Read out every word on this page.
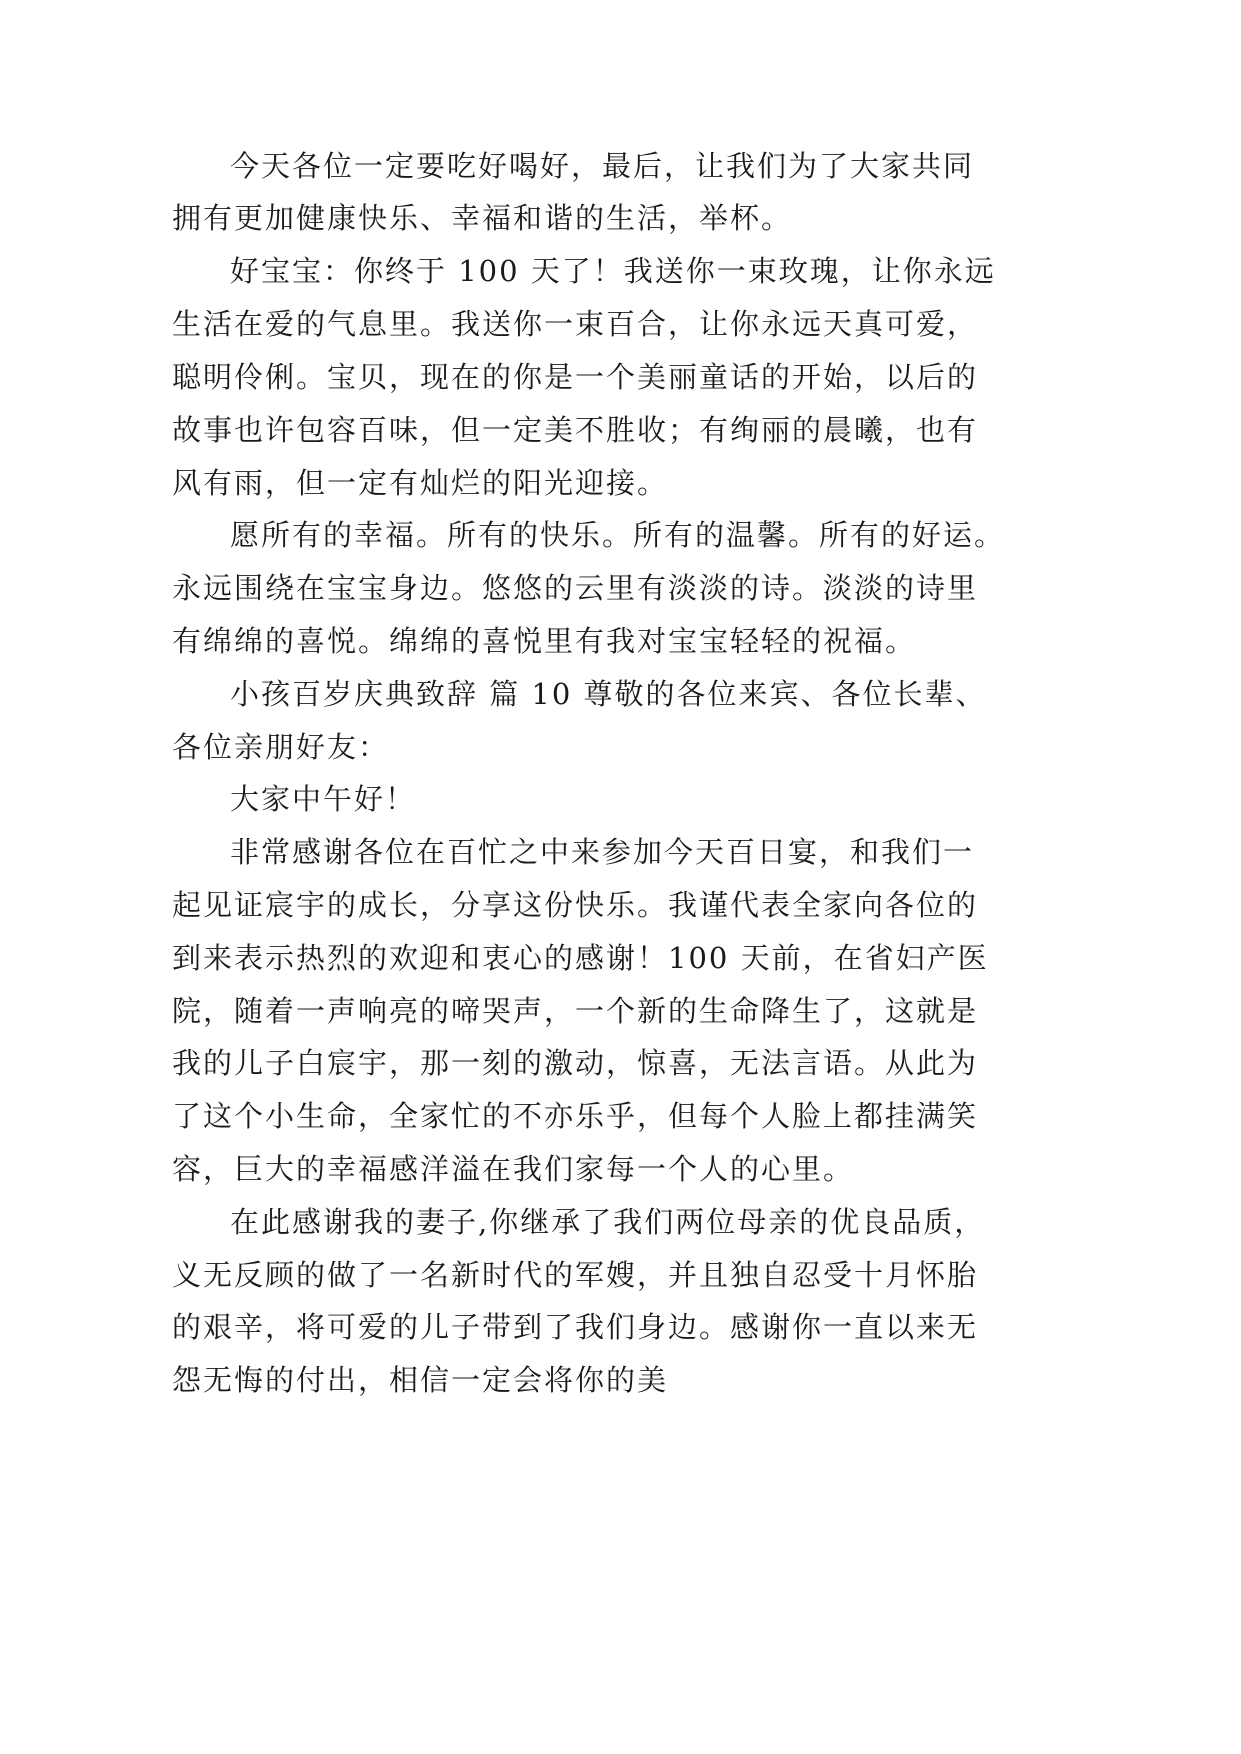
今天各位一定要吃好喝好，最后，让我们为了大家共同
拥有更加健康快乐、幸福和谐的生活，举杯。
好宝宝：你终于 100 天了！我送你一束玫瑰，让你永远
生活在爱的气息里。我送你一束百合，让你永远天真可爱，
聪明伶俐。宝贝，现在的你是一个美丽童话的开始，以后的
故事也许包容百味，但一定美不胜收；有绚丽的晨曦，也有
风有雨，但一定有灿烂的阳光迎接。
愿所有的幸福。所有的快乐。所有的温馨。所有的好运。
永远围绕在宝宝身边。悠悠的云里有淡淡的诗。淡淡的诗里
有绵绵的喜悦。绵绵的喜悦里有我对宝宝轻轻的祝福。
小孩百岁庆典致辞 篇 10 尊敬的各位来宾、各位长辈、
各位亲朋好友：
大家中午好！
非常感谢各位在百忙之中来参加今天百日宴，和我们一
起见证宸宇的成长，分享这份快乐。我谨代表全家向各位的
到来表示热烈的欢迎和衷心的感谢！100 天前，在省妇产医
院，随着一声响亮的啼哭声，一个新的生命降生了，这就是
我的儿子白宸宇，那一刻的激动，惊喜，无法言语。从此为
了这个小生命，全家忙的不亦乐乎，但每个人脸上都挂满笑
容，巨大的幸福感洋溢在我们家每一个人的心里。
在此感谢我的妻子,你继承了我们两位母亲的优良品质，
义无反顾的做了一名新时代的军嫂，并且独自忍受十月怀胎
的艰辛，将可爱的儿子带到了我们身边。感谢你一直以来无
怨无悔的付出，相信一定会将你的美
